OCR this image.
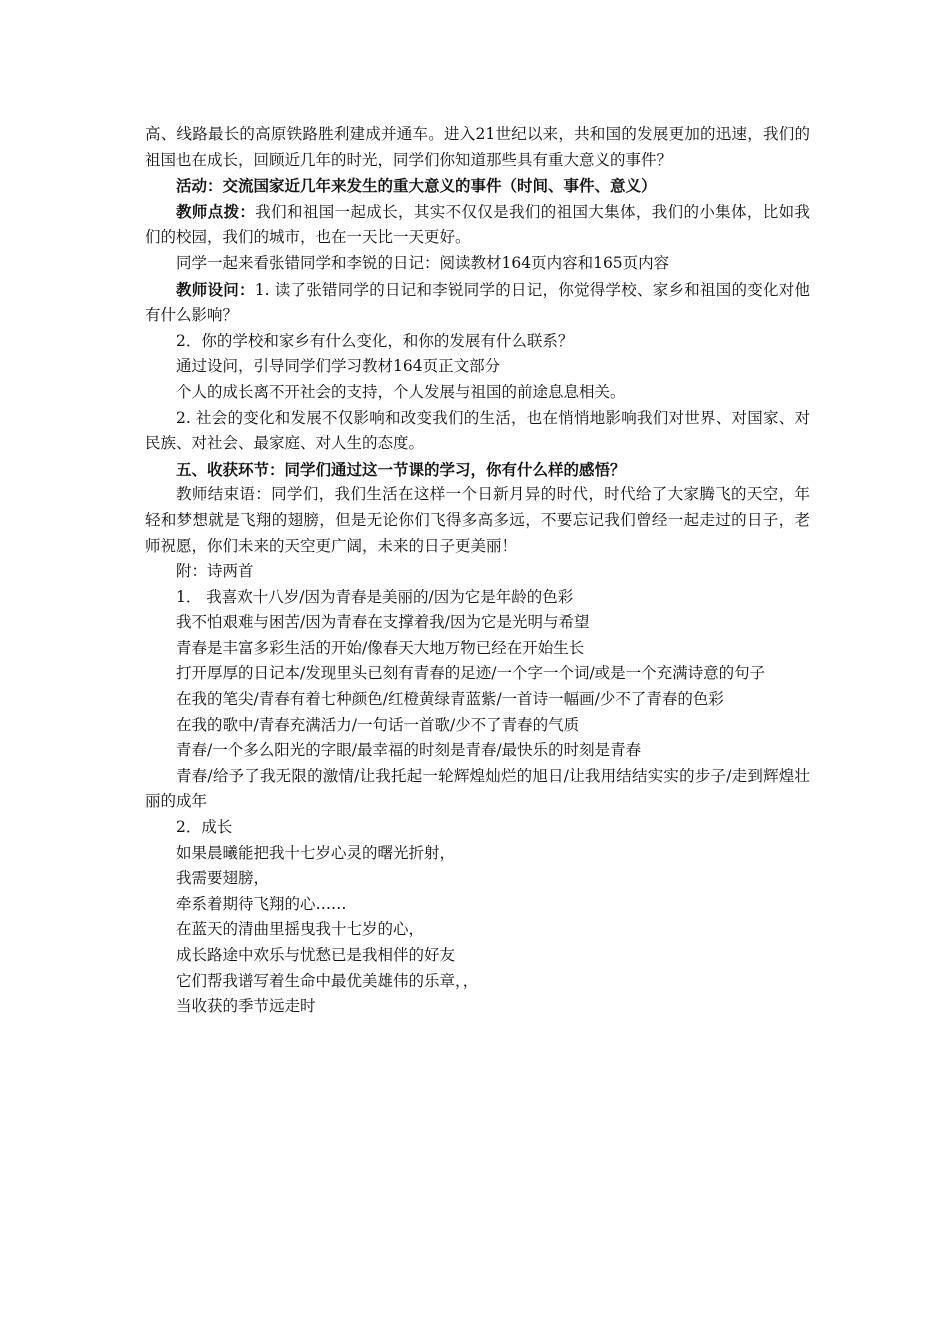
高、线路最长的高原铁路胜利建成并通车。进入21世纪以来，共和国的发展更加的迅速，我们的祖国也在成长，回顾近几年的时光，同学们你知道那些具有重大意义的事件？

活动：交流国家近几年来发生的重大意义的事件（时间、事件、意义）

教师点拨：我们和祖国一起成长，其实不仅仅是我们的祖国大集体，我们的小集体，比如我们的校园，我们的城市，也在一天比一天更好。

同学一起来看张错同学和李锐的日记：阅读教材164页内容和165页内容

教师设问：1. 读了张错同学的日记和李锐同学的日记，你觉得学校、家乡和祖国的变化对他有什么影响？

2．你的学校和家乡有什么变化，和你的发展有什么联系？

通过设问，引导同学们学习教材164页正文部分

个人的成长离不开社会的支持，个人发展与祖国的前途息息相关。

2. 社会的变化和发展不仅影响和改变我们的生活，也在悄悄地影响我们对世界、对国家、对民族、对社会、最家庭、对人生的态度。

五、收获环节：同学们通过这一节课的学习，你有什么样的感悟？

教师结束语：同学们，我们生活在这样一个日新月异的时代，时代给了大家腾飞的天空，年轻和梦想就是飞翔的翅膀，但是无论你们飞得多高多远，不要忘记我们曾经一起走过的日子，老师祝愿，你们未来的天空更广阔，未来的日子更美丽！

附：诗两首

1． 我喜欢十八岁/因为青春是美丽的/因为它是年龄的色彩

我不怕艰难与困苦/因为青春在支撑着我/因为它是光明与希望

青春是丰富多彩生活的开始/像春天大地万物已经在开始生长

打开厚厚的日记本/发现里头已刻有青春的足迹/一个字一个词/或是一个充满诗意的句子

在我的笔尖/青春有着七种颜色/红橙黄绿青蓝紫/一首诗一幅画/少不了青春的色彩

在我的歌中/青春充满活力/一句话一首歌/少不了青春的气质

青春/一个多么阳光的字眼/最幸福的时刻是青春/最快乐的时刻是青春

青春/给予了我无限的激情/让我托起一轮辉煌灿烂的旭日/让我用结结实实的步子/走到辉煌壮丽的成年

2．成长

如果晨曦能把我十七岁心灵的曙光折射，

我需要翅膀，

牵系着期待飞翔的心……

在蓝天的清曲里摇曳我十七岁的心，

成长路途中欢乐与忧愁已是我相伴的好友

它们帮我谱写着生命中最优美雄伟的乐章，，

当收获的季节远走时
